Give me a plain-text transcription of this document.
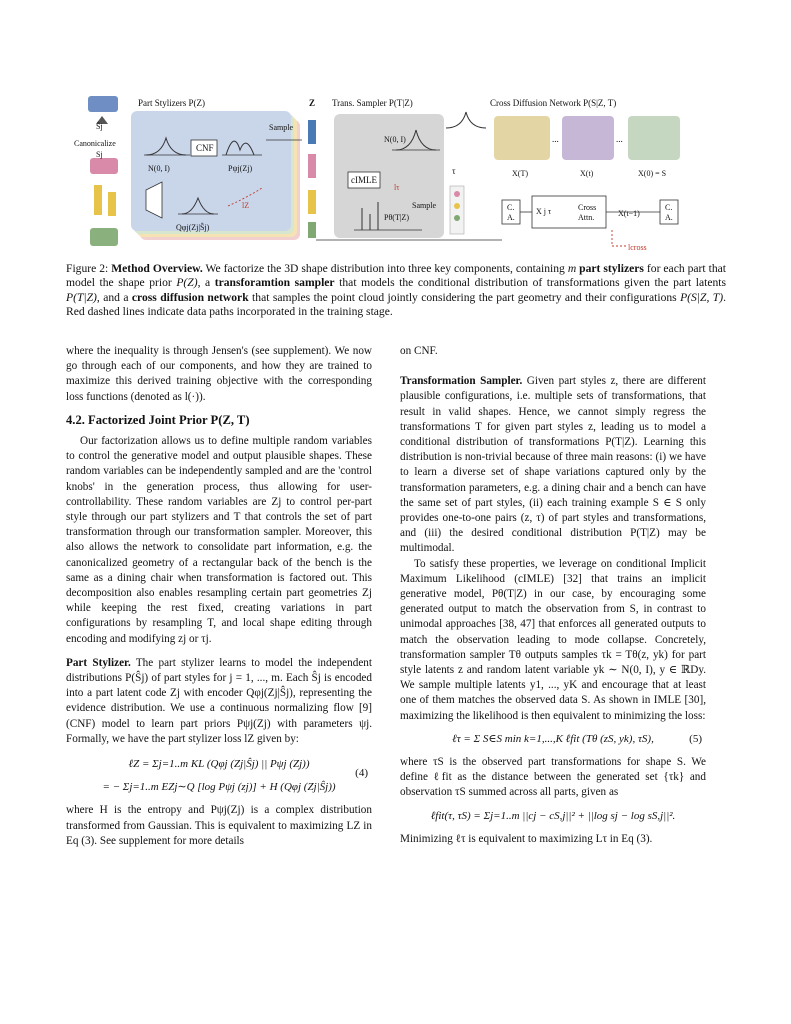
Ŝj
Canonicalize
Sj
Part Stylizers P(Z)
CNF
N(0, I)	Pψj(Zj)
Qφj(Zj|Ŝj)
lZ
Sample
Z Trans. Sampler P(T|Z)
N(0, I)
cIMLE
Pθ(T|Z)
lτ
Sample
τ
Cross Diffusion Network P(S|Z, T)
...	...
X(T)	X(t)	X(0) = S
C.
A.
X j τ	Cross
Attn.	X(t−1)
C.
A.
lcross
Figure 2: Method Overview. We factorize the 3D shape distribution into three key components, containing m part stylizers for each part that model the shape prior P(Z), a transforamtion sampler that models the conditional distribution of transformations given the part latents P(T|Z), and a cross diffusion network that samples the point cloud jointly considering the part geometry and their configurations P(S|Z, T). Red dashed lines indicate data paths incorporated in the training stage.

where the inequality is through Jensen's (see supplement). We now go through each of our components, and how they are trained to maximize this derived training objective with the corresponding loss functions (denoted as l(·)).

4.2. Factorized Joint Prior P(Z, T)

Our factorization allows us to define multiple random variables to control the generative model and output plausible shapes. These random variables can be independently sampled and are the 'control knobs' in the generation process, thus allowing for user-controllability. These random variables are Zj to control per-part style through our part stylizers and T that controls the set of part transformation through our transformation sampler. Moreover, this also allows the network to consolidate part information, e.g. the canonicalized geometry of a rectangular back of the bench is the same as a dining chair when transformation is factored out. This decomposition also enables resampling certain part geometries Zj while keeping the rest fixed, creating variations in part configurations by resampling T, and local shape editing through encoding and modifying zj or τj.

Part Stylizer. The part stylizer learns to model the independent distributions P(Ŝj) of part styles for j = 1, ..., m. Each Ŝj is encoded into a part latent code Zj with encoder Qφj(Zj|Ŝj), representing the evidence distribution. We use a continuous normalizing flow [9] (CNF) model to learn part priors Pψj(Zj) with parameters ψj. Formally, we have the part stylizer loss lZ given by:

ℓZ = Σj=1..m KL (Qφj (Zj|Ŝj) || Pψj (Zj))
= − Σj=1..m EZj∼Q [log Pψj (zj)] + H (Qφj (Zj|Ŝj))
(4)

where H is the entropy and Pψj(Zj) is a complex distribution transformed from Gaussian. This is equivalent to maximizing LZ in Eq (3). See supplement for more details

on CNF.

Transformation Sampler. Given part styles z, there are different plausible configurations, i.e. multiple sets of transformations, that result in valid shapes. Hence, we cannot simply regress the transformations T for given part styles z, leading us to model a conditional distribution of transformations P(T|Z). Learning this distribution is non-trivial because of three main reasons: (i) we have to learn a diverse set of shape variations captured only by the transformation parameters, e.g. a dining chair and a bench can have the same set of part styles, (ii) each training example S ∈ S only provides one-to-one pairs (z, τ) of part styles and transformations, and (iii) the desired conditional distribution P(T|Z) may be multimodal.

To satisfy these properties, we leverage on conditional Implicit Maximum Likelihood (cIMLE) [32] that trains an implicit generative model, Pθ(T|Z) in our case, by encouraging some generated output to match the observation from S, in contrast to unimodal approaches [38, 47] that enforces all generated outputs to match the observation leading to mode collapse. Concretely, transformation sampler Tθ outputs samples τk = Tθ(z, yk) for part style latents z and random latent variable yk ∼ N(0, I), y ∈ ℝDy. We sample multiple latents y1, ..., yK and encourage that at least one of them matches the observed data S. As shown in IMLE [30], maximizing the likelihood is then equivalent to minimizing the loss:

ℓτ = Σ S∈S min k=1,...,K ℓfit (Tθ (zS, yk), τS),	(5)

where τS is the observed part transformations for shape S. We define ℓfit as the distance between the generated set {τk} and observation τS summed across all parts, given as

ℓfit(τ, τS) = Σj=1..m ||cj − cS,j||² + ||log sj − log sS,j||².

Minimizing ℓτ is equivalent to maximizing Lτ in Eq (3).
